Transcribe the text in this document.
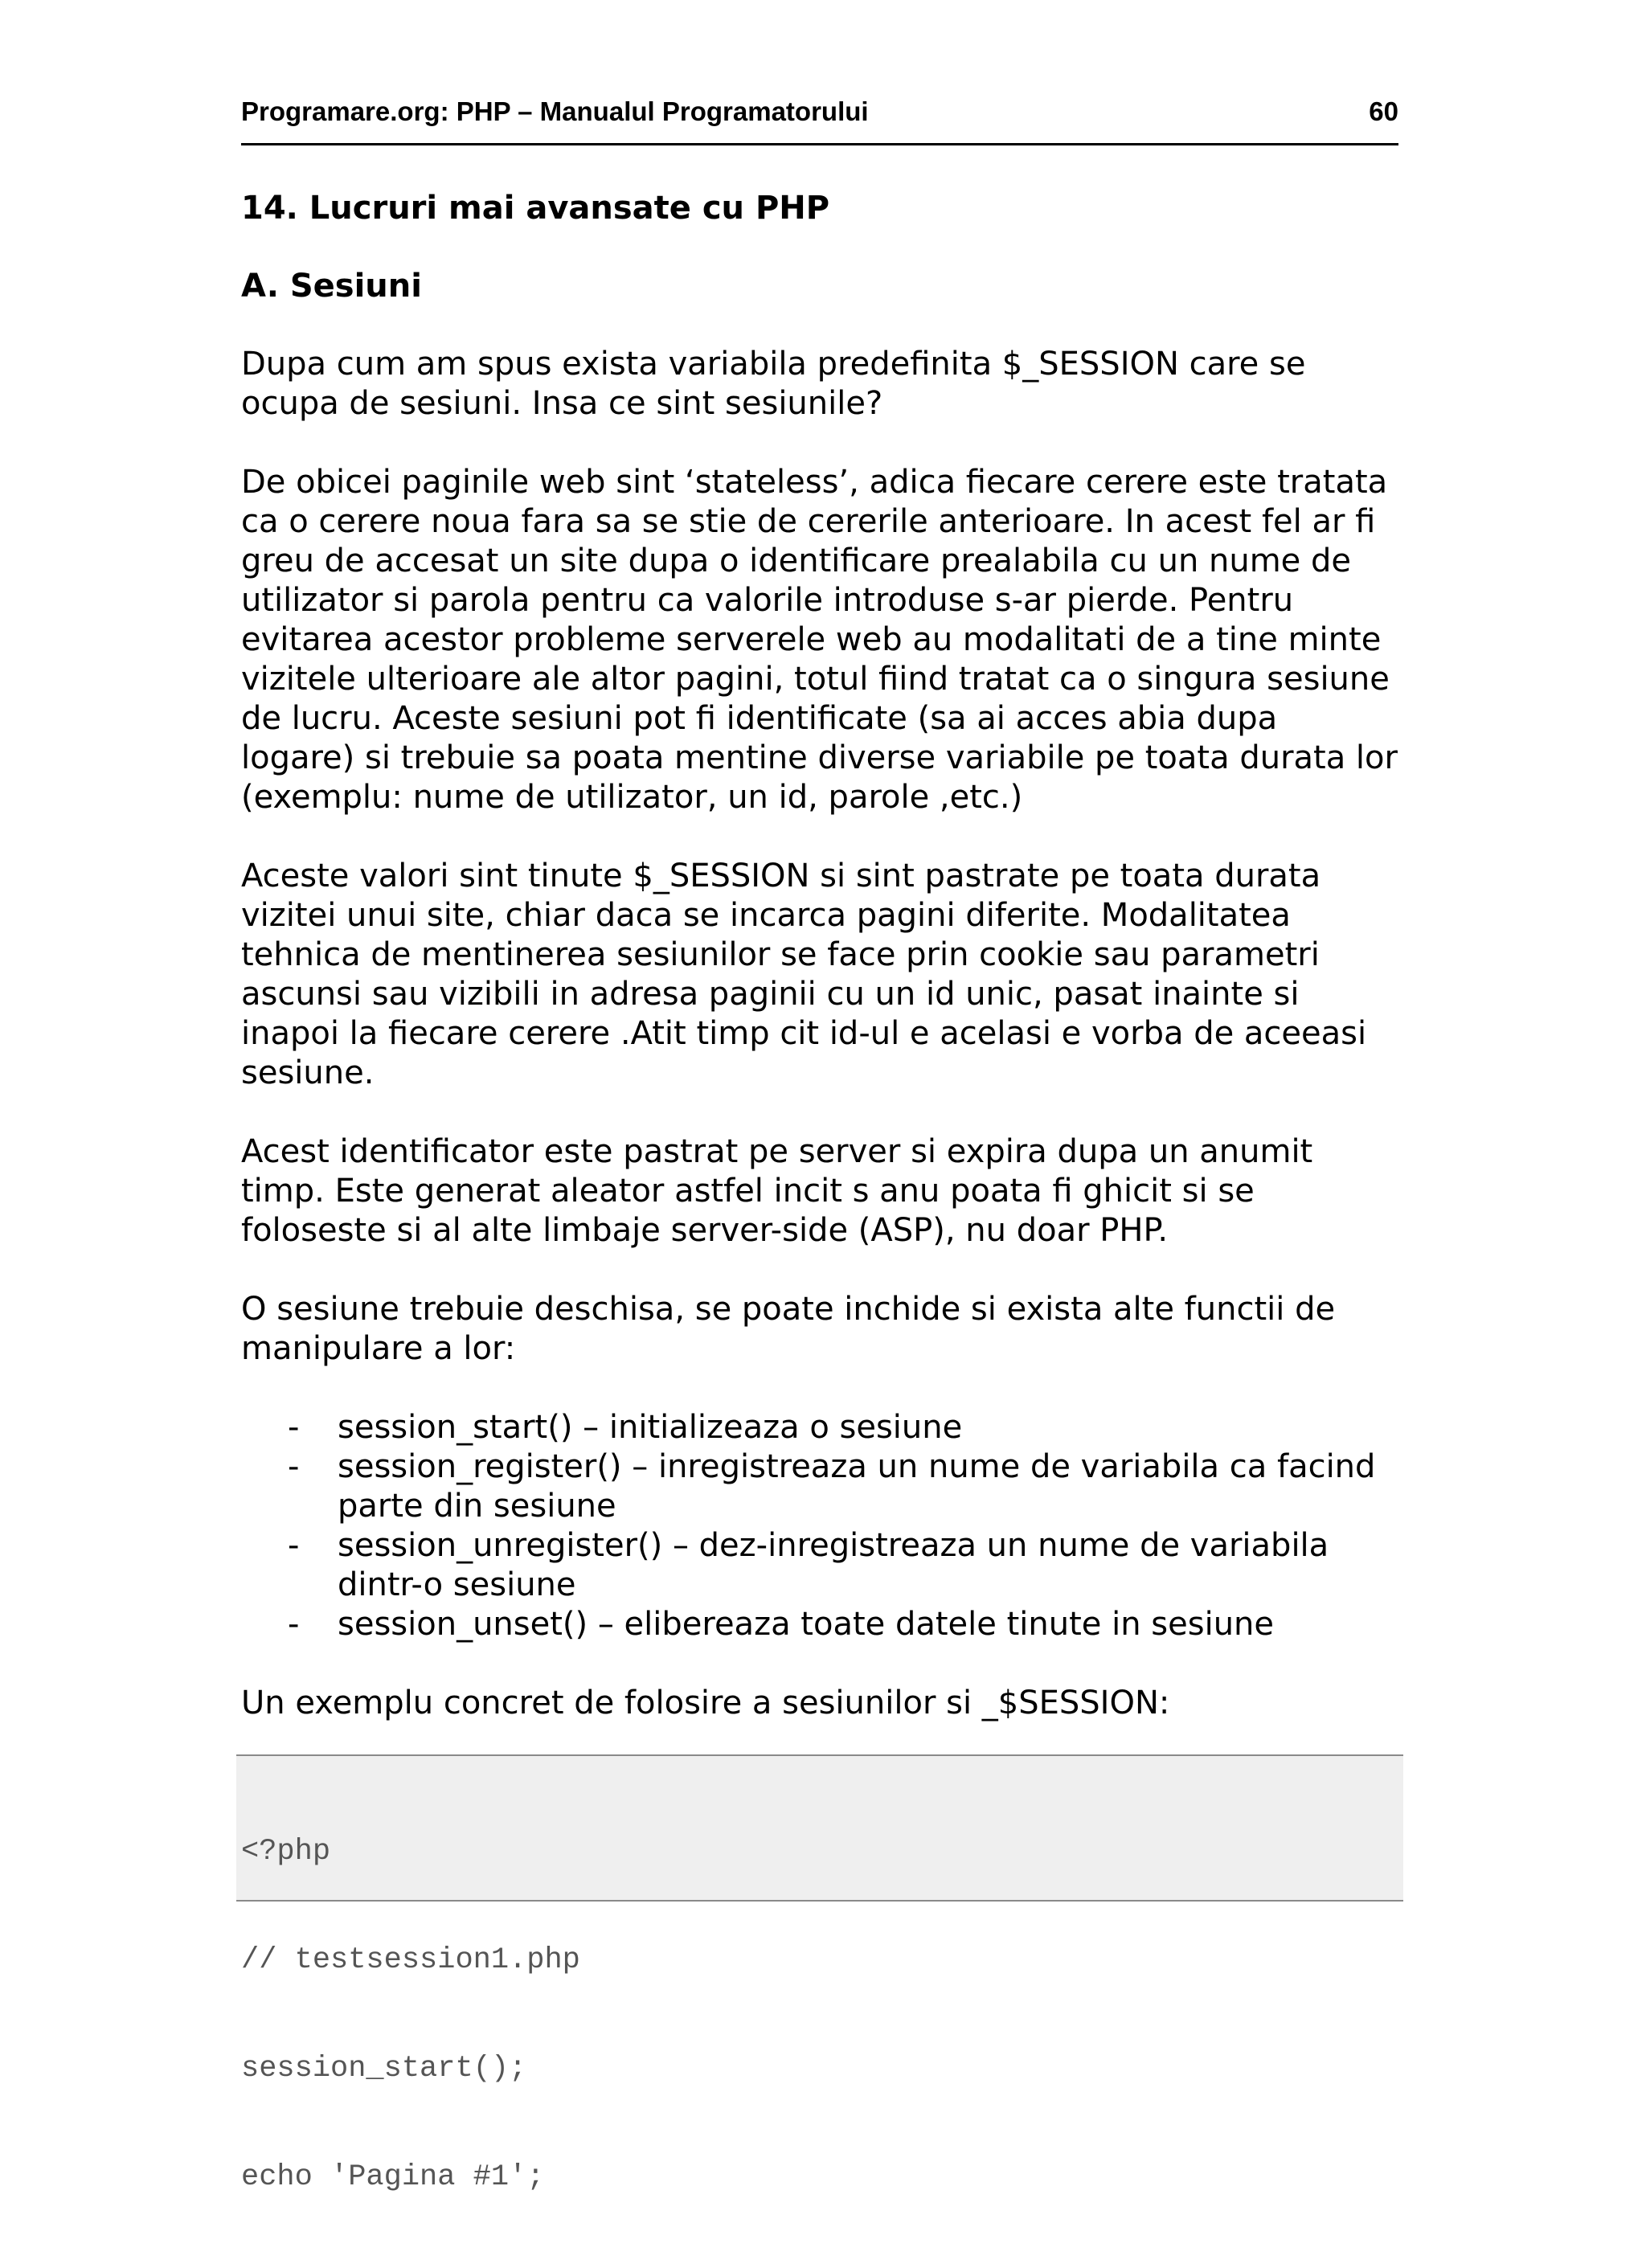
Programare.org: PHP – Manualul Programatorului	60
14. Lucruri mai avansate cu PHP
A. Sesiuni

Dupa cum am spus exista variabila predefinita $_SESSION care se ocupa de sesiuni. Insa ce sint sesiunile?

De obicei paginile web sint ‘stateless’, adica fiecare cerere este tratata ca o cerere noua fara sa se stie de cererile anterioare. In acest fel ar fi greu de accesat un site dupa o identificare prealabila cu un nume de utilizator si parola pentru ca valorile introduse s-ar pierde. Pentru evitarea acestor probleme serverele web au modalitati de a tine minte vizitele ulterioare ale altor pagini, totul fiind tratat ca o singura sesiune de lucru. Aceste sesiuni pot fi identificate (sa ai acces abia dupa logare) si trebuie sa poata mentine diverse variabile pe toata durata lor (exemplu: nume de utilizator, un id, parole ,etc.)

Aceste valori sint tinute $_SESSION si sint pastrate pe toata durata vizitei unui site, chiar daca se incarca pagini diferite. Modalitatea tehnica de mentinerea sesiunilor se face prin cookie sau parametri ascunsi sau vizibili in adresa paginii cu un id unic, pasat inainte si inapoi la fiecare cerere .Atit timp cit id-ul e acelasi e vorba de aceeasi sesiune.

Acest identificator este pastrat pe server si expira dupa un anumit timp. Este generat aleator astfel incit s anu poata fi ghicit si se foloseste si al alte limbaje server-side (ASP), nu doar PHP.

O sesiune trebuie deschisa, se poate inchide si exista alte functii de manipulare a lor:

- session_start() – initializeaza o sesiune
- session_register() – inregistreaza un nume de variabila ca facind parte din sesiune
- session_unregister() – dez-inregistreaza un nume de variabila dintr-o sesiune
- session_unset() – elibereaza toate datele tinute in sesiune

Un exemplu concret de folosire a sesiunilor si _$SESSION:

<?php

// testsession1.php

session_start();

echo 'Pagina #1';
